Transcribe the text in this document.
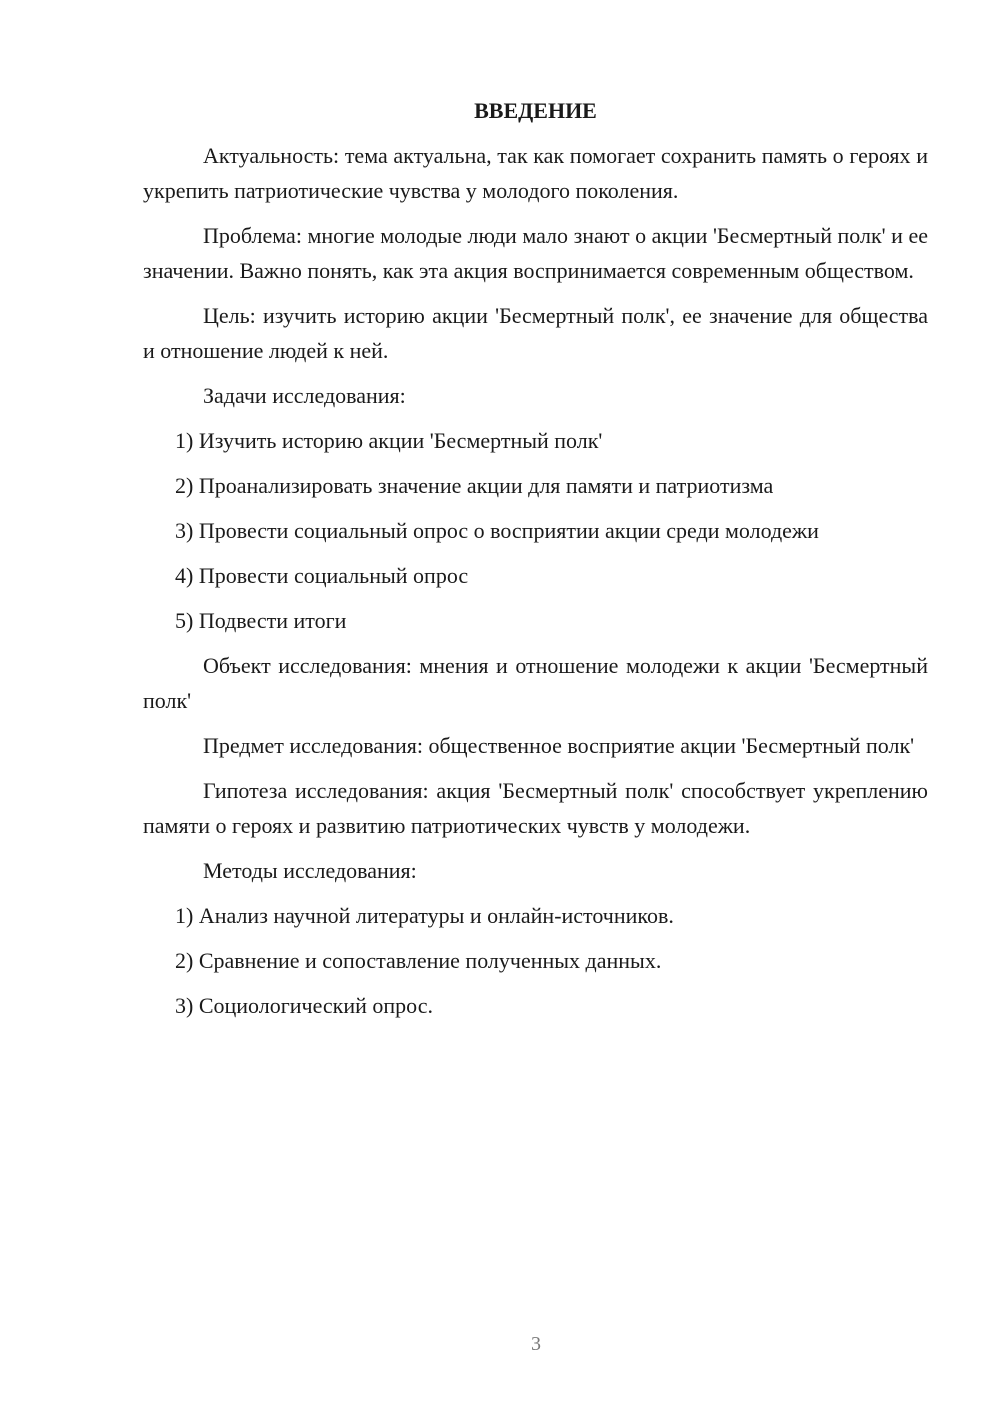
ВВЕДЕНИЕ

Актуальность: тема актуальна, так как помогает сохранить память о героях и укрепить патриотические чувства у молодого поколения.

Проблема: многие молодые люди мало знают о акции 'Бесмертный полк' и ее значении. Важно понять, как эта акция воспринимается современным обществом.

Цель: изучить историю акции 'Бесмертный полк', ее значение для общества и отношение людей к ней.

Задачи исследования:

1) Изучить историю акции 'Бесмертный полк'
2) Проанализировать значение акции для памяти и патриотизма
3) Провести социальный опрос о восприятии акции среди молодежи
4) Провести социальный опрос
5) Подвести итоги

Объект исследования: мнения и отношение молодежи к акции 'Бесмертный полк'

Предмет исследования: общественное восприятие акции 'Бесмертный полк'

Гипотеза исследования: акция 'Бесмертный полк' способствует укреплению памяти о героях и развитию патриотических чувств у молодежи.

Методы исследования:

1) Анализ научной литературы и онлайн-источников.
2) Сравнение и сопоставление полученных данных.
3) Социологический опрос.
3
